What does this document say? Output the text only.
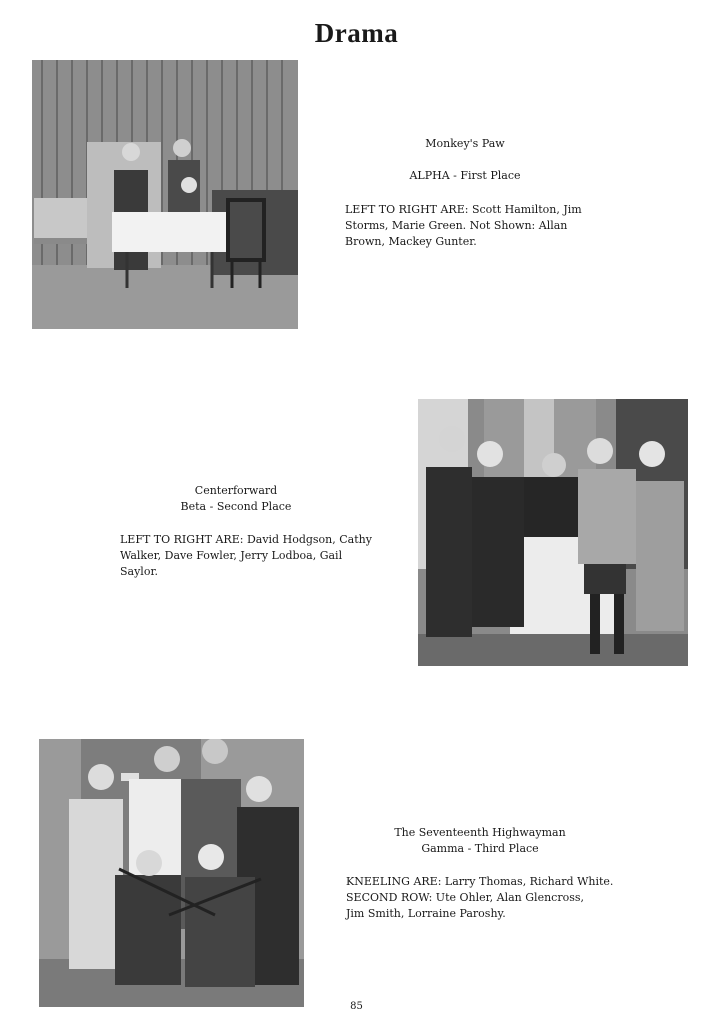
Drama
Monkey's Paw
ALPHA - First Place
LEFT TO RIGHT ARE: Scott Hamilton, Jim
Storms, Marie Green. Not Shown: Allan
Brown, Mackey Gunter.
Centerforward
Beta - Second Place
LEFT TO RIGHT ARE: David Hodgson, Cathy
Walker, Dave Fowler, Jerry Lodboa, Gail
Saylor.
The Seventeenth Highwayman
Gamma - Third Place
KNEELING ARE: Larry Thomas, Richard White.
SECOND ROW: Ute Ohler, Alan Glencross,
Jim Smith, Lorraine Paroshy.
85
